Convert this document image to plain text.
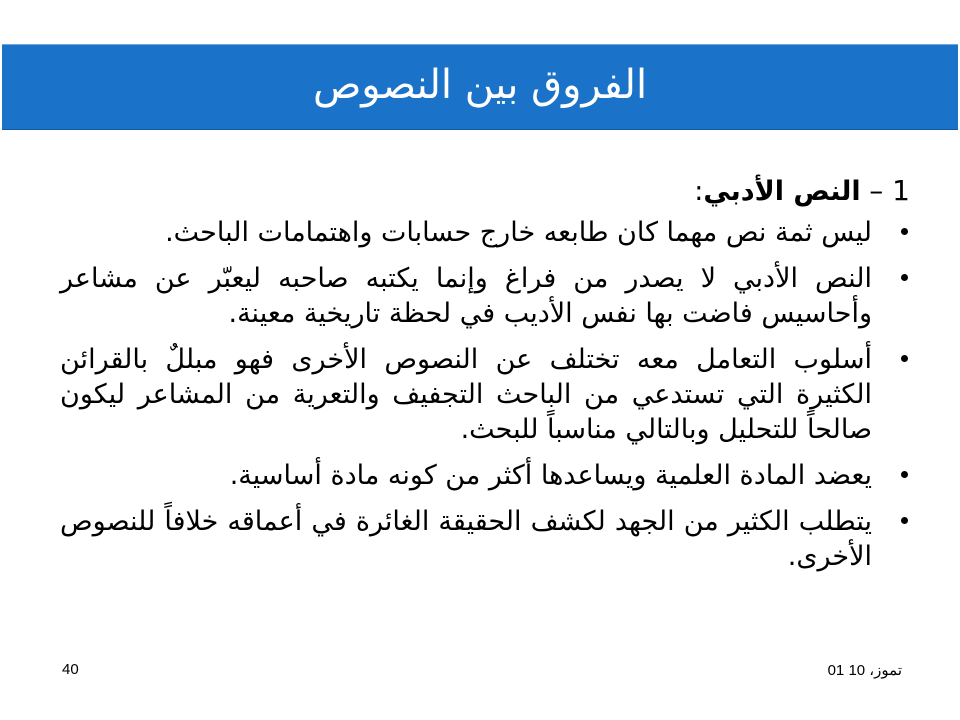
الفروق بين النصوص
1 – النص الأدبي:
ليس ثمة نص مهما كان طابعه خارج حسابات واهتمامات الباحث.
النص الأدبي لا يصدر من فراغ وإنما يكتبه صاحبه ليعبّر عن مشاعر وأحاسيس فاضت بها نفس الأديب في لحظة تاريخية معينة.
أسلوب التعامل معه تختلف عن النصوص الأخرى فهو مبللٌ بالقرائن الكثيرة التي تستدعي من الباحث التجفيف والتعرية من المشاعر ليكون صالحاً للتحليل وبالتالي مناسباً للبحث.
يعضد المادة العلمية ويساعدها أكثر من كونه مادة أساسية.
يتطلب الكثير من الجهد لكشف الحقيقة الغائرة في أعماقه خلافاً للنصوص الأخرى.
40	01 تموز، 10
